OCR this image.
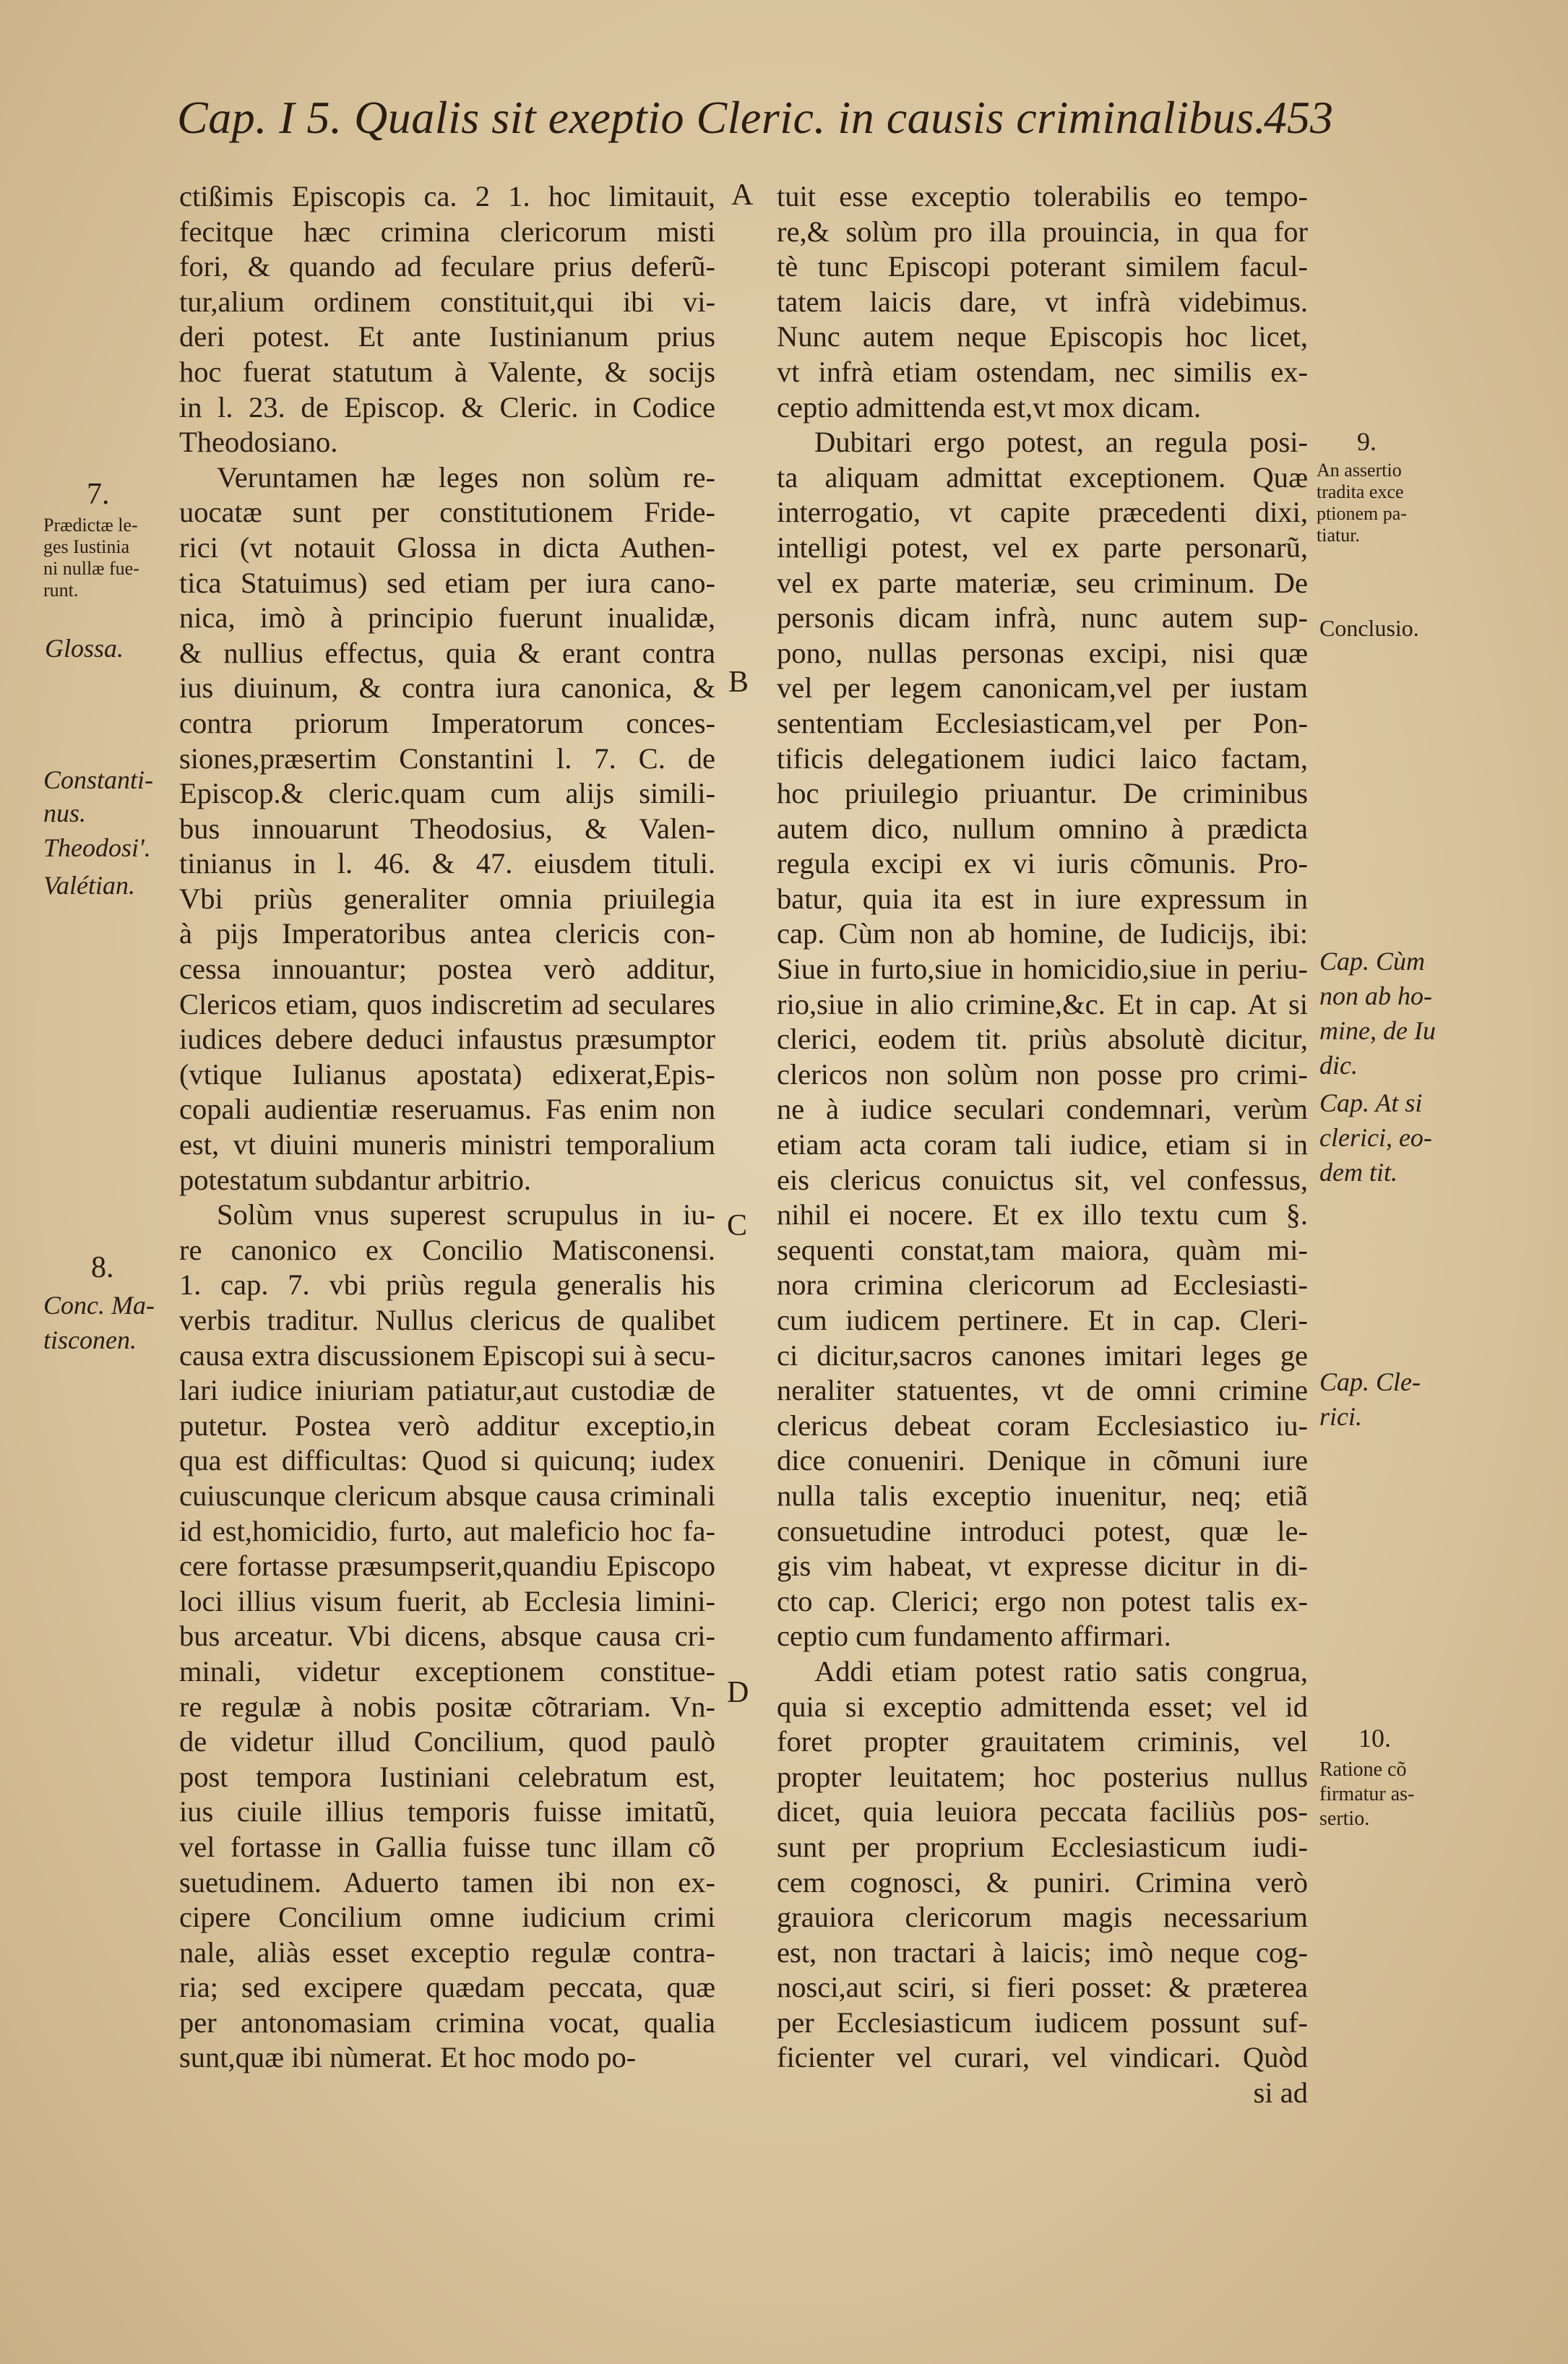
Cap. I 5. Qualis sit exeptio Cleric. in causis criminalibus.
453
ctißimis Episcopis ca. 2 1. hoc limitauit,
fecitque hæc crimina clericorum misti
fori, & quando ad feculare prius deferũ-
tur,alium ordinem constituit,qui ibi vi-
deri potest. Et ante Iustinianum prius
hoc fuerat statutum à Valente, & socijs
in l. 23. de Episcop. & Cleric. in Codice
Theodosiano.
Veruntamen hæ leges non solùm re-
uocatæ sunt per constitutionem Fride-
rici (vt notauit Glossa in dicta Authen-
tica Statuimus) sed etiam per iura cano-
nica, imò à principio fuerunt inualidæ,
& nullius effectus, quia & erant contra
ius diuinum, & contra iura canonica, &
contra priorum Imperatorum conces-
siones,præsertim Constantini l. 7. C. de
Episcop.& cleric.quam cum alijs simili-
bus innouarunt Theodosius, & Valen-
tinianus in l. 46. & 47. eiusdem tituli.
Vbi priùs generaliter omnia priuilegia
à pijs Imperatoribus antea clericis con-
cessa innouantur; postea verò additur,
Clericos etiam, quos indiscretim ad seculares
iudices debere deduci infaustus præsumptor
(vtique Iulianus apostata) edixerat,Epis-
copali audientiæ reseruamus. Fas enim non
est, vt diuini muneris ministri temporalium
potestatum subdantur arbitrio.
Solùm vnus superest scrupulus in iu-
re canonico ex Concilio Matisconensi.
1. cap. 7. vbi priùs regula generalis his
verbis traditur. Nullus clericus de qualibet
causa extra discussionem Episcopi sui à secu-
lari iudice iniuriam patiatur,aut custodiæ de
putetur. Postea verò additur exceptio,in
qua est difficultas: Quod si quicunq; iudex
cuiuscunque clericum absque causa criminali
id est,homicidio, furto, aut maleficio hoc fa-
cere fortasse præsumpserit,quandiu Episcopo
loci illius visum fuerit, ab Ecclesia limini-
bus arceatur. Vbi dicens, absque causa cri-
minali, videtur exceptionem constitue-
re regulæ à nobis positæ cõtrariam. Vn-
de videtur illud Concilium, quod paulò
post tempora Iustiniani celebratum est,
ius ciuile illius temporis fuisse imitatũ,
vel fortasse in Gallia fuisse tunc illam cõ
suetudinem. Aduerto tamen ibi non ex-
cipere Concilium omne iudicium crimi
nale, aliàs esset exceptio regulæ contra-
ria; sed excipere quædam peccata, quæ
per antonomasiam crimina vocat, qualia
sunt,quæ ibi nùmerat. Et hoc modo po-
tuit esse exceptio tolerabilis eo tempo-
re,& solùm pro illa prouincia, in qua for
tè tunc Episcopi poterant similem facul-
tatem laicis dare, vt infrà videbimus.
Nunc autem neque Episcopis hoc licet,
vt infrà etiam ostendam, nec similis ex-
ceptio admittenda est,vt mox dicam.
Dubitari ergo potest, an regula posi-
ta aliquam admittat exceptionem. Quæ
interrogatio, vt capite præcedenti dixi,
intelligi potest, vel ex parte personarũ,
vel ex parte materiæ, seu criminum. De
personis dicam infrà, nunc autem sup-
pono, nullas personas excipi, nisi quæ
vel per legem canonicam,vel per iustam
sententiam Ecclesiasticam,vel per Pon-
tificis delegationem iudici laico factam,
hoc priuilegio priuantur. De criminibus
autem dico, nullum omnino à prædicta
regula excipi ex vi iuris cõmunis. Pro-
batur, quia ita est in iure expressum in
cap. Cùm non ab homine, de Iudicijs, ibi:
Siue in furto,siue in homicidio,siue in periu-
rio,siue in alio crimine,&c. Et in cap. At si
clerici, eodem tit. priùs absolutè dicitur,
clericos non solùm non posse pro crimi-
ne à iudice seculari condemnari, verùm
etiam acta coram tali iudice, etiam si in
eis clericus conuictus sit, vel confessus,
nihil ei nocere. Et ex illo textu cum §.
sequenti constat,tam maiora, quàm mi-
nora crimina clericorum ad Ecclesiasti-
cum iudicem pertinere. Et in cap. Cleri-
ci dicitur,sacros canones imitari leges ge
neraliter statuentes, vt de omni crimine
clericus debeat coram Ecclesiastico iu-
dice conueniri. Denique in cõmuni iure
nulla talis exceptio inuenitur, neq; etiã
consuetudine introduci potest, quæ le-
gis vim habeat, vt expresse dicitur in di-
cto cap. Clerici; ergo non potest talis ex-
ceptio cum fundamento affirmari.
Addi etiam potest ratio satis congrua,
quia si exceptio admittenda esset; vel id
foret propter grauitatem criminis, vel
propter leuitatem; hoc posterius nullus
dicet, quia leuiora peccata faciliùs pos-
sunt per proprium Ecclesiasticum iudi-
cem cognosci, & puniri. Crimina verò
grauiora clericorum magis necessarium
est, non tractari à laicis; imò neque cog-
nosci,aut sciri, si fieri posset: & præterea
per Ecclesiasticum iudicem possunt suf-
ficienter vel curari, vel vindicari. Quòd
si ad
A
B
C
D
7.
Prædictæ le-
ges Iustinia
ni nullæ fue-
runt.
Glossa.
Constanti-
nus.
Theodosi'.
Valétian.
8.
Conc. Ma-
tisconen.
9.
An assertio
tradita exce
ptionem pa-
tiatur.
Conclusio.
Cap. Cùm
non ab ho-
mine, de Iu
dic.
Cap. At si
clerici, eo-
dem tit.
Cap. Cle-
rici.
10.
Ratione cõ
firmatur as-
sertio.
